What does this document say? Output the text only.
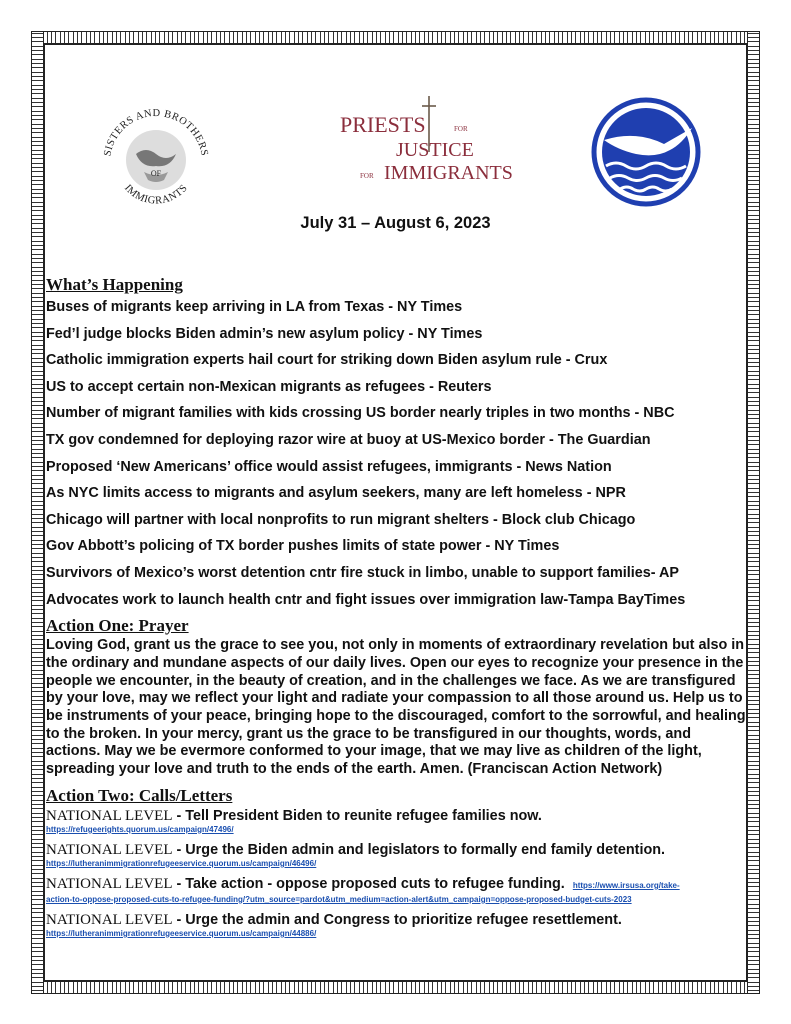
SISTERS AND BROTHERS
OF
IMMIGRANTS
PRIESTS	FOR
JUSTICE
FOR IMMIGRANTS
July 31 – August 6, 2023
What’s Happening
Buses of migrants keep arriving in LA from Texas - NY Times
Fed’l judge blocks Biden admin’s new asylum policy - NY Times
Catholic immigration experts hail court for striking down Biden asylum rule - Crux
US to accept certain non-Mexican migrants as refugees - Reuters
Number of migrant families with kids crossing US border nearly triples in two months - NBC
TX gov condemned for deploying razor wire at buoy at US-Mexico border - The Guardian
Proposed ‘New Americans’ office would assist refugees, immigrants - News Nation
As NYC limits access to migrants and asylum seekers, many are left homeless - NPR
Chicago will partner with local nonprofits to run migrant shelters - Block club Chicago
Gov Abbott’s policing of TX border pushes limits of state power - NY Times
Survivors of Mexico’s worst detention cntr fire stuck in limbo, unable to support families- AP
Advocates work to launch health cntr and fight issues over immigration law-Tampa BayTimes
Action One: Prayer

Loving God, grant us the grace to see you, not only in moments of extraordinary revelation but also in the ordinary and mundane aspects of our daily lives. Open our eyes to recognize your presence in the people we encounter, in the beauty of creation, and in the challenges we face. As we are transfigured by your love, may we reflect your light and radiate your compassion to all those around us. Help us to be instruments of your peace, bringing hope to the discouraged, comfort to the sorrowful, and healing to the broken. In your mercy, grant us the grace to be transfigured in our thoughts, words, and actions. May we be evermore conformed to your image, that we may live as children of the light, spreading your love and truth to the ends of the earth. Amen. (Franciscan Action Network)

Action Two: Calls/Letters
NATIONAL LEVEL - Tell President Biden to reunite refugee families now.
https://refugeerights.quorum.us/campaign/47496/
NATIONAL LEVEL - Urge the Biden admin and legislators to formally end family detention.
https://lutheranimmigrationrefugeeservice.quorum.us/campaign/46496/
NATIONAL LEVEL - Take action - oppose proposed cuts to refugee funding. https://www.irsusa.org/take-
action-to-oppose-proposed-cuts-to-refugee-funding/?utm_source=pardot&utm_medium=action-alert&utm_campaign=oppose-proposed-budget-cuts-2023
NATIONAL LEVEL - Urge the admin and Congress to prioritize refugee resettlement.
https://lutheranimmigrationrefugeeservice.quorum.us/campaign/44886/
